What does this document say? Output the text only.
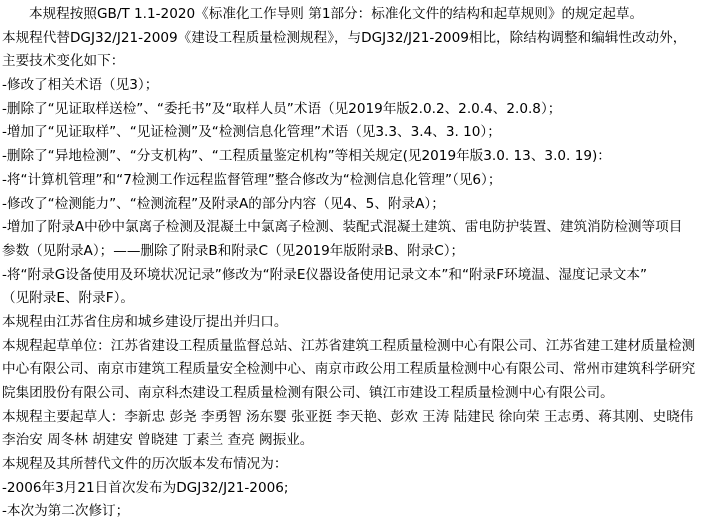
本规程按照GB/T 1.1-2020《标准化工作导则 第1部分：标准化文件的结构和起草规则》的规定起草。
本规程代替DGJ32/J21-2009《建设工程质量检测规程》，与DGJ32/J21-2009相比，除结构调整和编辑性改动外，
主要技术变化如下：
-修改了相关术语（见3）；
-删除了“见证取样送检”、“委托书”及“取样人员”术语（见2019年版2.0.2、2.0.4、2.0.8）；
-增加了“见证取样”、“见证检测”及“检测信息化管理”术语（见3.3、3.4、3. 10）；
-删除了“异地检测”、“分支机构”、“工程质量鉴定机构”等相关规定(见2019年版3.0. 13、3.0. 19)：
-将“计算机管理”和“7检测工作远程监督管理”整合修改为“检测信息化管理”（见6）；
-修改了“检测能力”、“检测流程”及附录A的部分内容（见4、5、附录A）；
-增加了附录A中砂中氯离子检测及混凝土中氯离子检测、装配式混凝土建筑、雷电防护装置、建筑消防检测等项目
参数（见附录A）；——删除了附录B和附录C（见2019年版附录B、附录C）；
-将“附录G设备使用及环境状况记录”修改为“附录E仪器设备使用记录文本”和“附录F环境温、湿度记录文本”
（见附录E、附录F）。
本规程由江苏省住房和城乡建设厅提出并归口。
本规程起草单位：江苏省建设工程质量监督总站、江苏省建筑工程质量检测中心有限公司、江苏省建工建材质量检测
中心有限公司、南京市建筑工程质量安全检测中心、南京市政公用工程质量检测中心有限公司、常州市建筑科学研究
院集团股份有限公司、南京科杰建设工程质量检测有限公司、镇江市建设工程质量检测中心有限公司。
本规程主要起草人：李新忠 彭尧 李勇智 汤东婴 张亚挺 李天艳、彭欢 王涛 陆建民 徐向荣 王志勇、蒋其刚、史晓伟
李治安 周冬林 胡建安 曾晓建 丁素兰 查亮 阙振业。
本规程及其所替代文件的历次版本发布情况为：
-2006年3月21日首次发布为DGJ32/J21-2006;
-本次为第二次修订；
